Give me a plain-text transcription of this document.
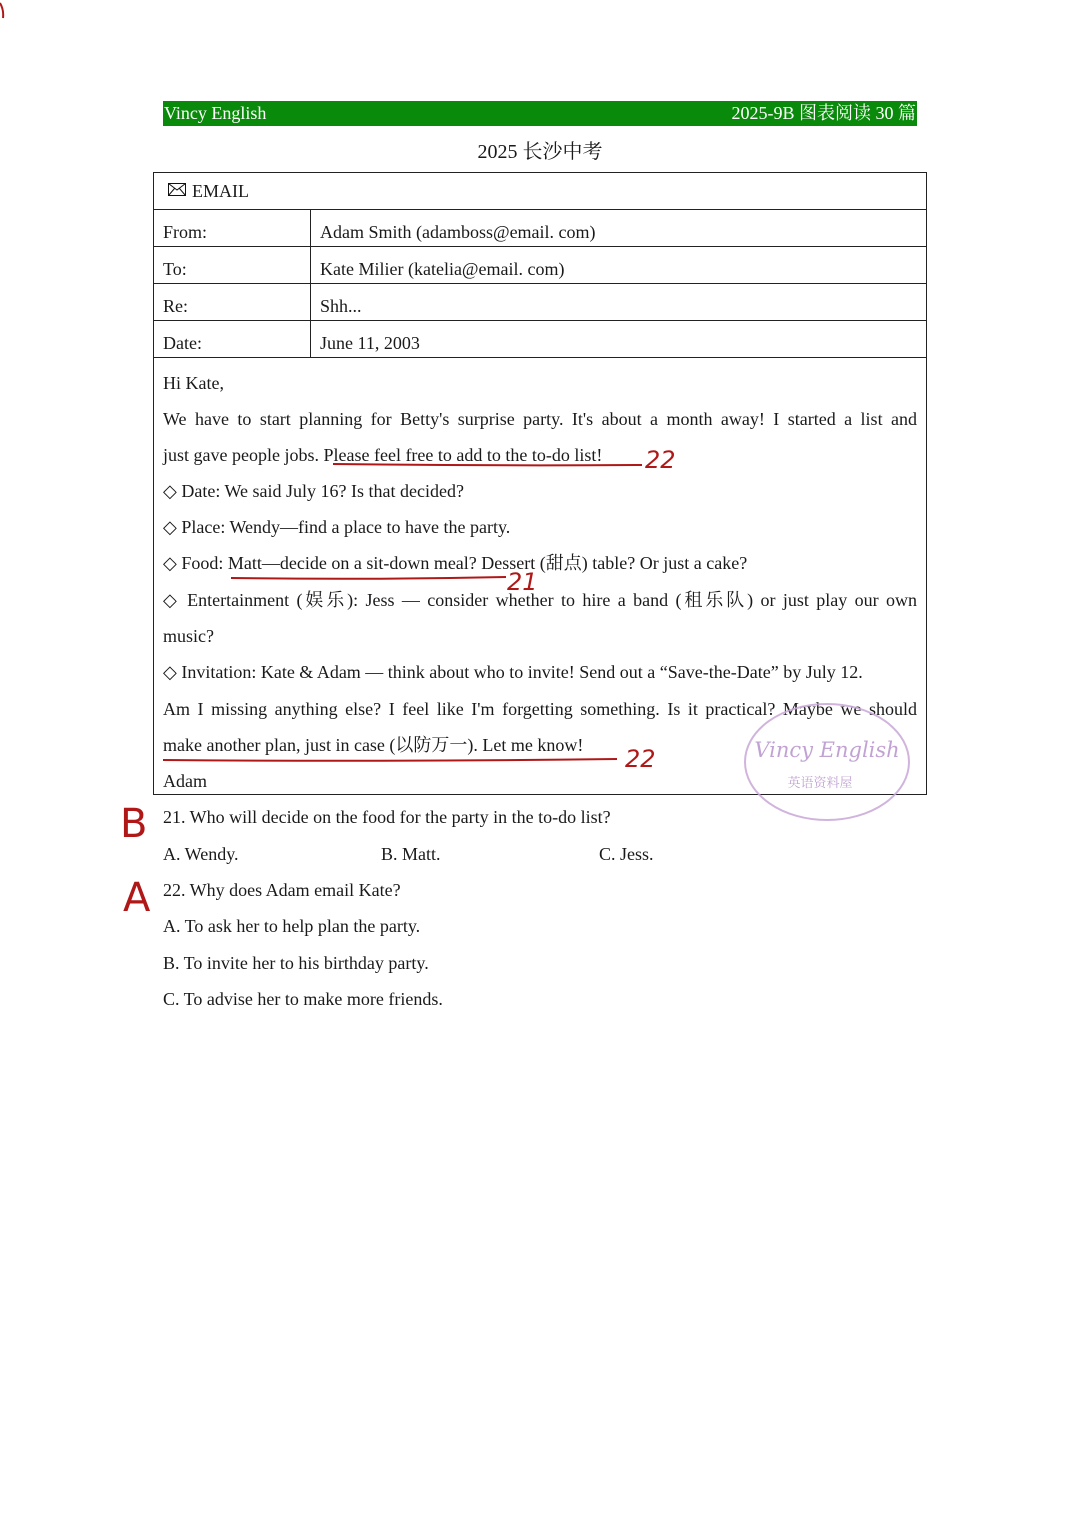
Vincy English	2025-9B 图表阅读 30 篇
2025 长沙中考
EMAIL
From:	Adam Smith (adamboss@email. com)
To:	Kate Milier (katelia@email. com)
Re:	Shh...
Date:	June 11, 2003
Hi Kate,
We have to start planning for Betty's surprise party. It's about a month away! I started a list and
just gave people jobs. Please feel free to add to the to-do list!
◇ Date: We said July 16? Is that decided?
◇ Place: Wendy—find a place to have the party.
◇ Food: Matt—decide on a sit-down meal? Dessert (甜点) table? Or just a cake?
◇ Entertainment (娱乐): Jess — consider whether to hire a band (租乐队) or just play our own
music?
◇ Invitation: Kate & Adam — think about who to invite! Send out a “Save-the-Date” by July 12.
Am I missing anything else? I feel like I'm forgetting something. Is it practical? Maybe we should
make another plan, just in case (以防万一). Let me know!
Adam
21. Who will decide on the food for the party in the to-do list?
A. Wendy.	B. Matt.	C. Jess.
22. Why does Adam email Kate?
A. To ask her to help plan the party.
B. To invite her to his birthday party.
C. To advise her to make more friends.
22
21
22
B
A
Vincy English
英语资料屋
